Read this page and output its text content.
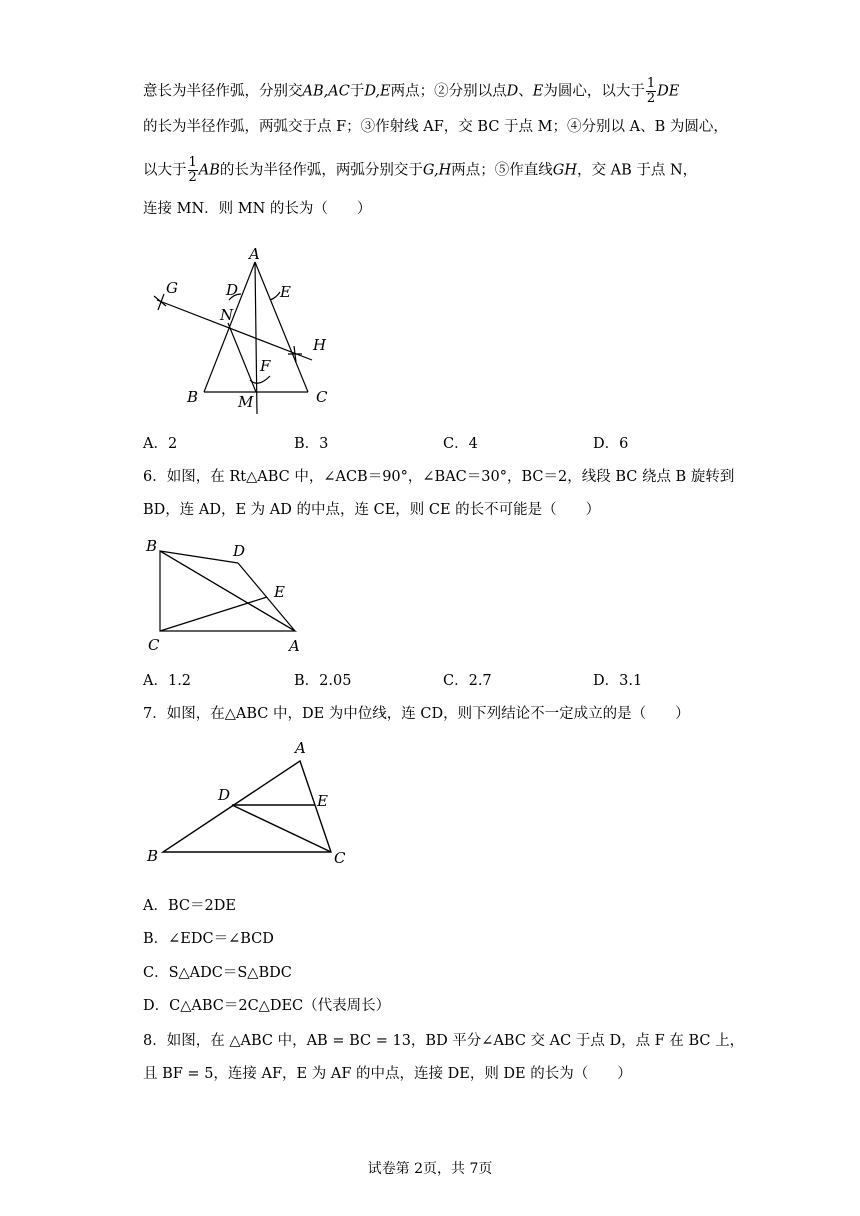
意长为半径作弧，分别交AB,AC于D,E两点；②分别以点D、E为圆心，以大于 $\frac{1}{2}$ DE
的长为半径作弧，两弧交于点 F；③作射线 AF，交 BC 于点 M；④分别以 A、B 为圆心，
以大于 $\frac{1}{2}$ AB的长为半径作弧，两弧分别交于G,H两点；⑤作直线GH，交 AB 于点 N，
连接 MN．则 MN 的长为（　　）
A
D	E
G
N
H
F
B	M	C
A．2	B．3	C．4	D．6
6．如图，在 Rt△ABC 中，∠ACB＝90°，∠BAC＝30°，BC＝2，线段 BC 绕点 B 旋转到
BD，连 AD，E 为 AD 的中点，连 CE，则 CE 的长不可能是（　　）
B	D
E
C	A
A．1.2	B．2.05	C．2.7	D．3.1
7．如图，在△ABC 中，DE 为中位线，连 CD，则下列结论不一定成立的是（　　）
A
D	E
B	C
A．BC＝2DE
B．∠EDC＝∠BCD
C．S△ADC＝S△BDC
D．C△ABC＝2C△DEC（代表周长）
8．如图，在 △ABC 中，AB = BC = 13，BD 平分∠ABC 交 AC 于点 D，点 F 在 BC 上，
且 BF = 5，连接 AF，E 为 AF 的中点，连接 DE，则 DE 的长为（　　）
试卷第 2页，共 7页
